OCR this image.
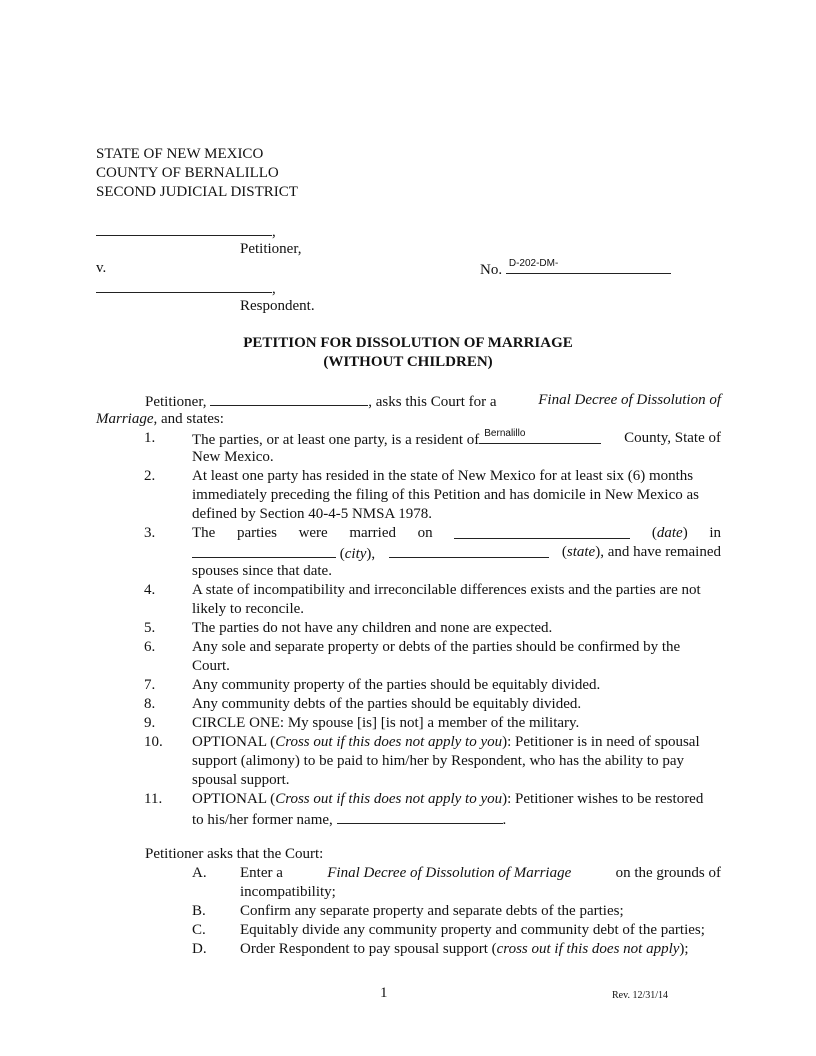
STATE OF NEW MEXICO
COUNTY OF BERNALILLO
SECOND JUDICIAL DISTRICT
,
Petitioner,
v.	No. D-202-DM-
,
Respondent.
PETITION FOR DISSOLUTION OF MARRIAGE
(WITHOUT CHILDREN)
Petitioner,	, asks this Court for a	Final Decree of Dissolution of
Marriage, and states:
1.	The parties, or at least one party, is a resident of Bernalillo	County, State of
New Mexico.
2.	At least one party has resided in the state of New Mexico for at least six (6) months
immediately preceding the filing of this Petition and has domicile in New Mexico as
defined by Section 40-4-5 NMSA 1978.
3.	The parties were married on	(date) in
(city),	(state), and have remained
spouses since that date.
4.	A state of incompatibility and irreconcilable differences exists and the parties are not
likely to reconcile.
5.	The parties do not have any children and none are expected.
6.	Any sole and separate property or debts of the parties should be confirmed by the
Court.
7.	Any community property of the parties should be equitably divided.
8.	Any community debts of the parties should be equitably divided.
9.	CIRCLE ONE: My spouse [is] [is not] a member of the military.
10.	OPTIONAL (Cross out if this does not apply to you): Petitioner is in need of spousal
support (alimony) to be paid to him/her by Respondent, who has the ability to pay
spousal support.
11.	OPTIONAL (Cross out if this does not apply to you): Petitioner wishes to be restored
to his/her former name,	.
Petitioner asks that the Court:
A.	Enter a	Final Decree of Dissolution of Marriage	on the grounds of
incompatibility;
B.	Confirm any separate property and separate debts of the parties;
C.	Equitably divide any community property and community debt of the parties;
D.	Order Respondent to pay spousal support (cross out if this does not apply);
1	Rev. 12/31/14
